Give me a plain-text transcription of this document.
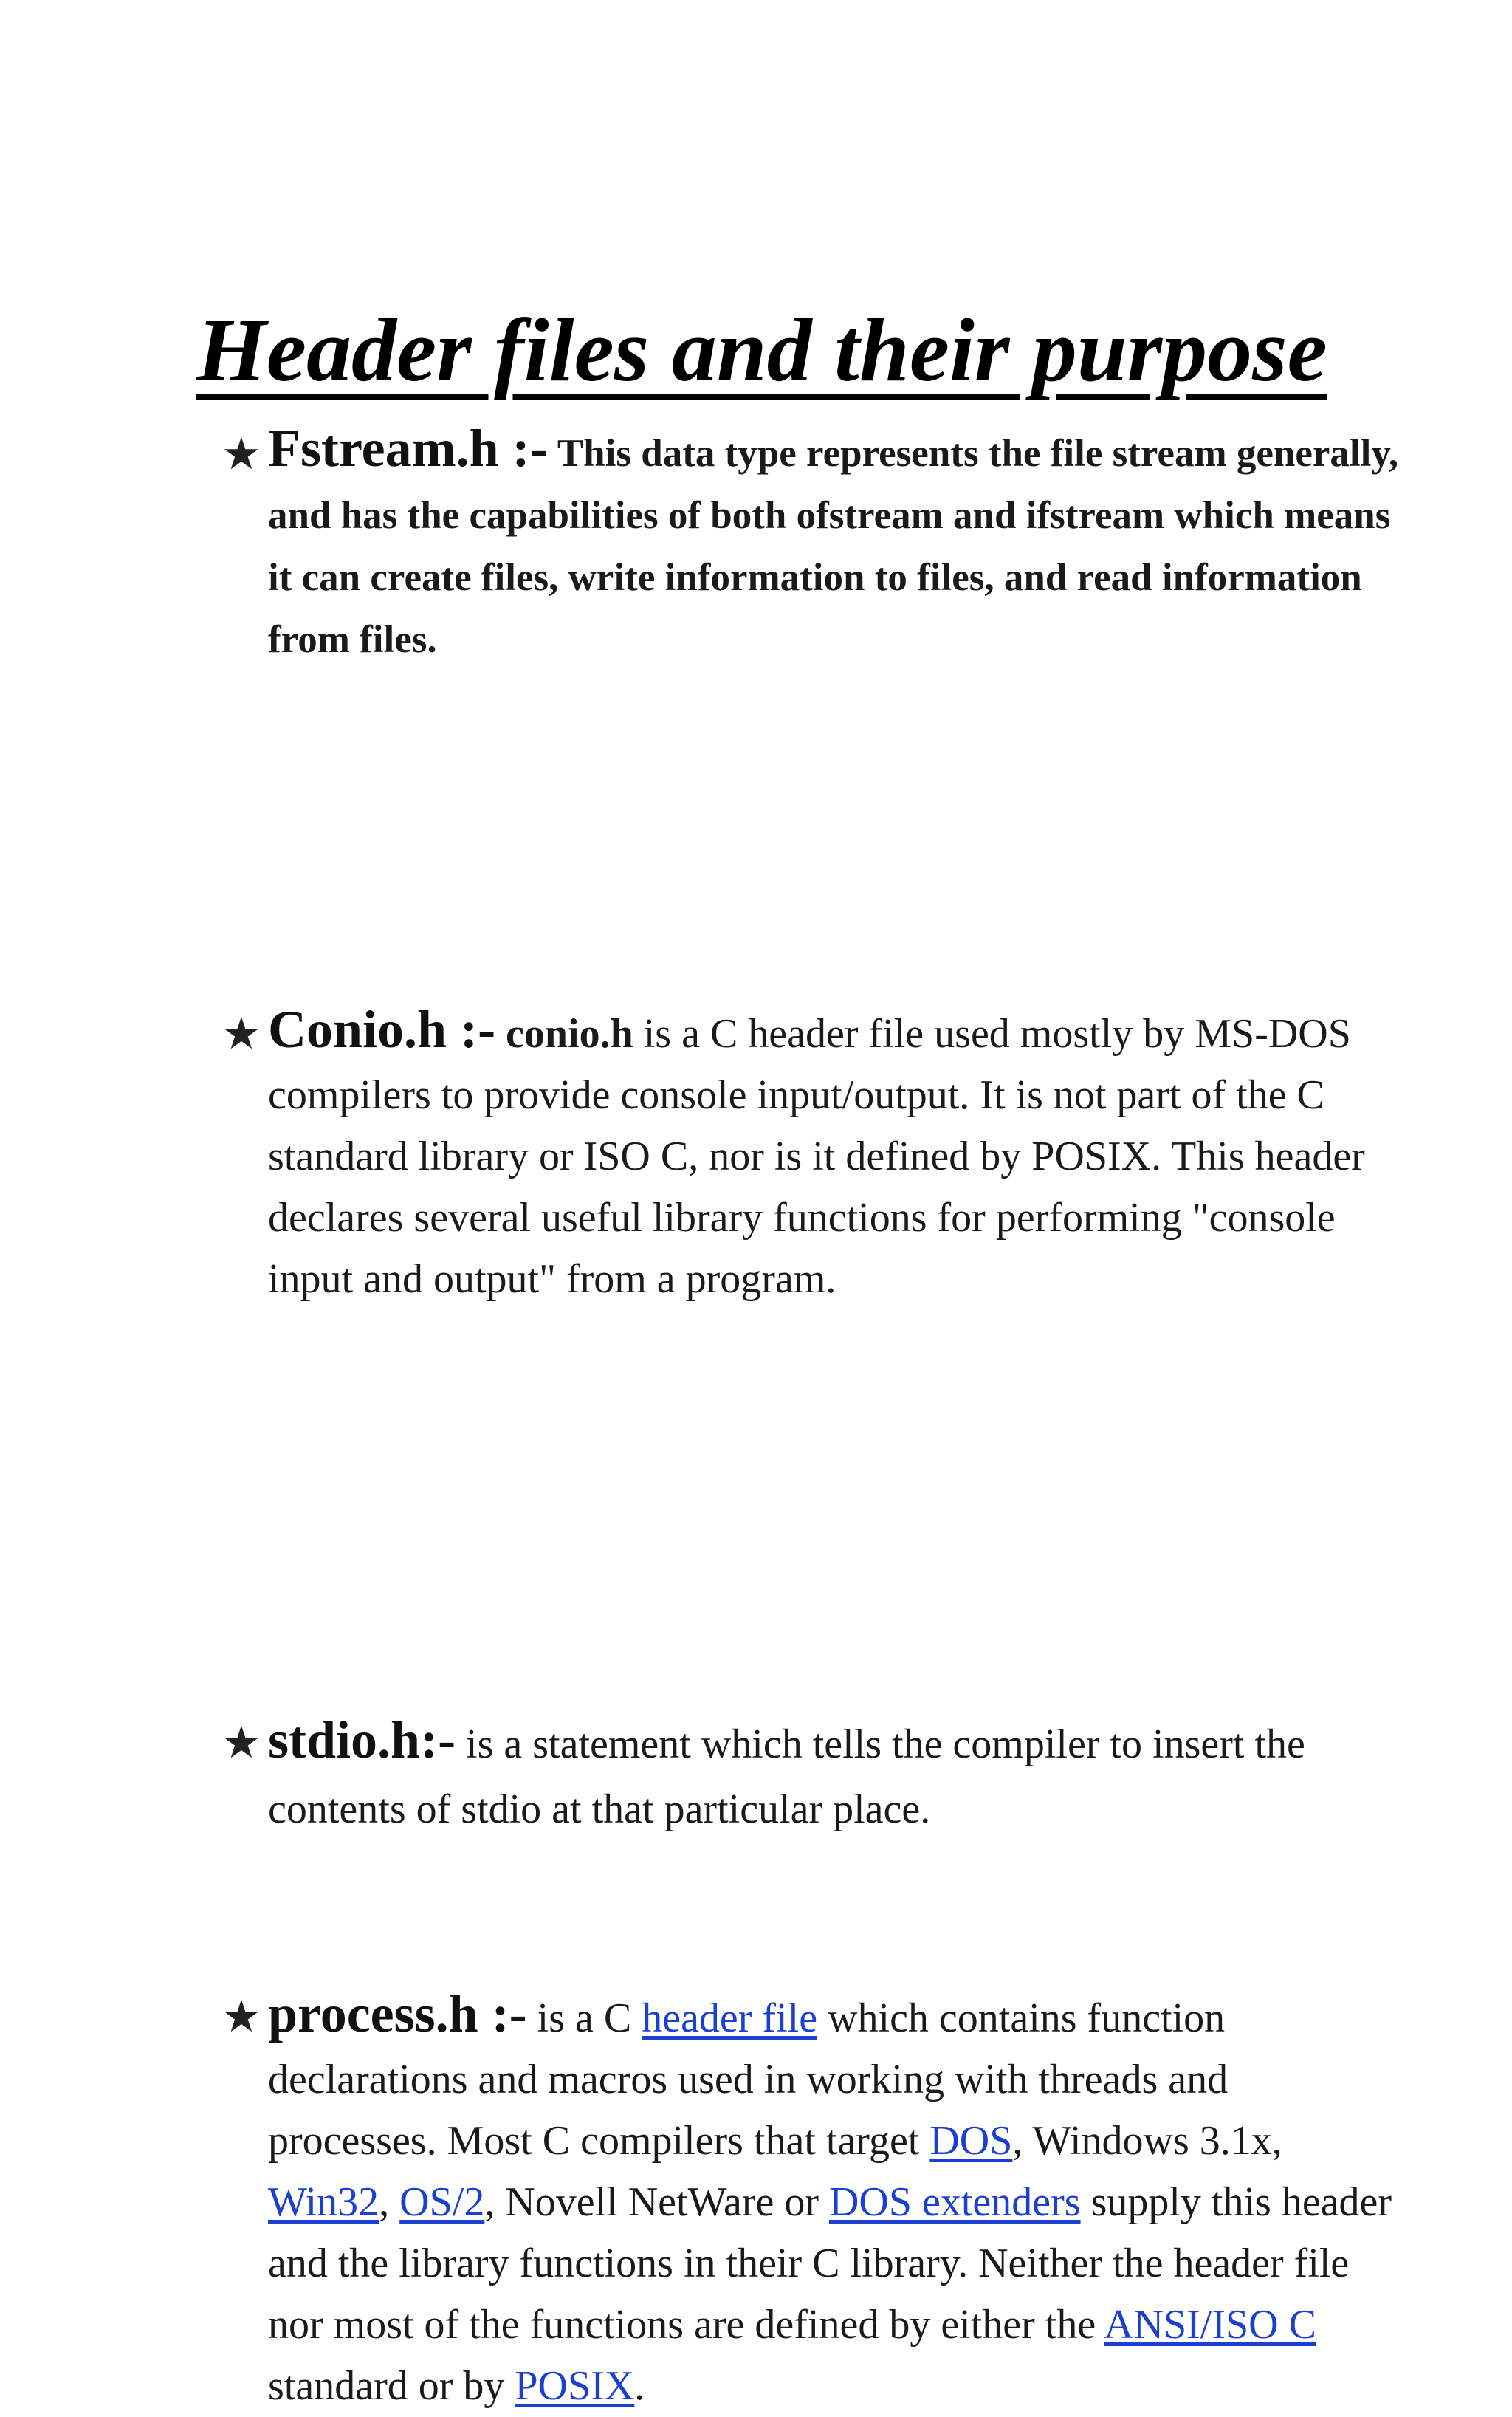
Header files and their purpose
★ Fstream.h :- This data type represents the file stream generally, and has the capabilities of both ofstream and ifstream which means it can create files, write information to files, and read information from files.
★ Conio.h :- conio.h is a C header file used mostly by MS-DOS compilers to provide console input/output. It is not part of the C standard library or ISO C, nor is it defined by POSIX. This header declares several useful library functions for performing "console input and output" from a program.
★ stdio.h:- is a statement which tells the compiler to insert the contents of stdio at that particular place.
★ process.h :- is a C header file which contains function declarations and macros used in working with threads and processes. Most C compilers that target DOS, Windows 3.1x, Win32, OS/2, Novell NetWare or DOS extenders supply this header and the library functions in their C library. Neither the header file nor most of the functions are defined by either the ANSI/ISO C standard or by POSIX.
